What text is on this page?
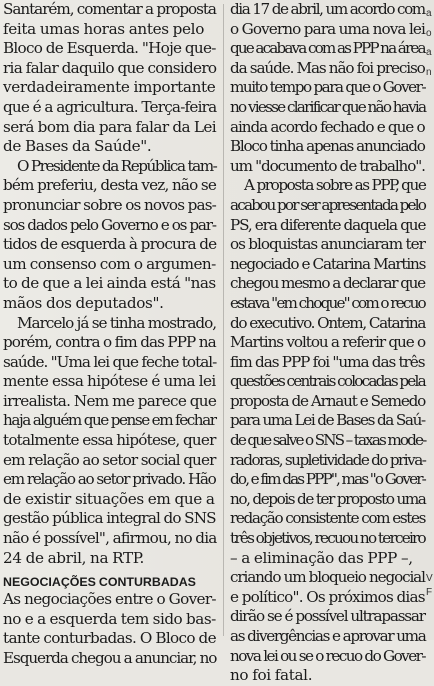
Santarém, comentar a proposta
feita umas horas antes pelo
Bloco de Esquerda. "Hoje que-
ria falar daquilo que considero
verdadeiramente importante
que é a agricultura. Terça-feira
será bom dia para falar da Lei
de Bases da Saúde".

O Presidente da República tam-
bém preferiu, desta vez, não se
pronunciar sobre os novos pas-
sos dados pelo Governo e os par-
tidos de esquerda à procura de
um consenso com o argumen-
to de que a lei ainda está "nas
mãos dos deputados".

Marcelo já se tinha mostrado,
porém, contra o fim das PPP na
saúde. "Uma lei que feche total-
mente essa hipótese é uma lei
irrealista. Nem me parece que
haja alguém que pense em fechar
totalmente essa hipótese, quer
em relação ao setor social quer
em relação ao setor privado. Hão
de existir situações em que a
gestão pública integral do SNS
não é possível", afirmou, no dia
24 de abril, na RTP.

NEGOCIAÇÕES CONTURBADAS

As negociações entre o Gover-
no e a esquerda tem sido bas-
tante conturbadas. O Bloco de
Esquerda chegou a anunciar, no

dia 17 de abril, um acordo com
o Governo para uma nova lei
que acabava com as PPP na área
da saúde. Mas não foi preciso
muito tempo para que o Gover-
no viesse clarificar que não havia
ainda acordo fechado e que o
Bloco tinha apenas anunciado
um "documento de trabalho".

A proposta sobre as PPP, que
acabou por ser apresentada pelo
PS, era diferente daquela que
os bloquistas anunciaram ter
negociado e Catarina Martins
chegou mesmo a declarar que
estava "em choque" com o recuo
do executivo. Ontem, Catarina
Martins voltou a referir que o
fim das PPP foi "uma das três
questões centrais colocadas pela
proposta de Arnaut e Semedo
para uma Lei de Bases da Saú-
de que salve o SNS – taxas mode-
radoras, supletividade do priva-
do, e fim das PPP", mas "o Gover-
no, depois de ter proposto uma
redação consistente com estes
três objetivos, recuou no terceiro
– a eliminação das PPP –,
criando um bloqueio negocial
e político". Os próximos dias
dirão se é possível ultrapassar
as divergências e aprovar uma
nova lei ou se o recuo do Gover-
no foi fatal.

a
o
a
n
V
F
